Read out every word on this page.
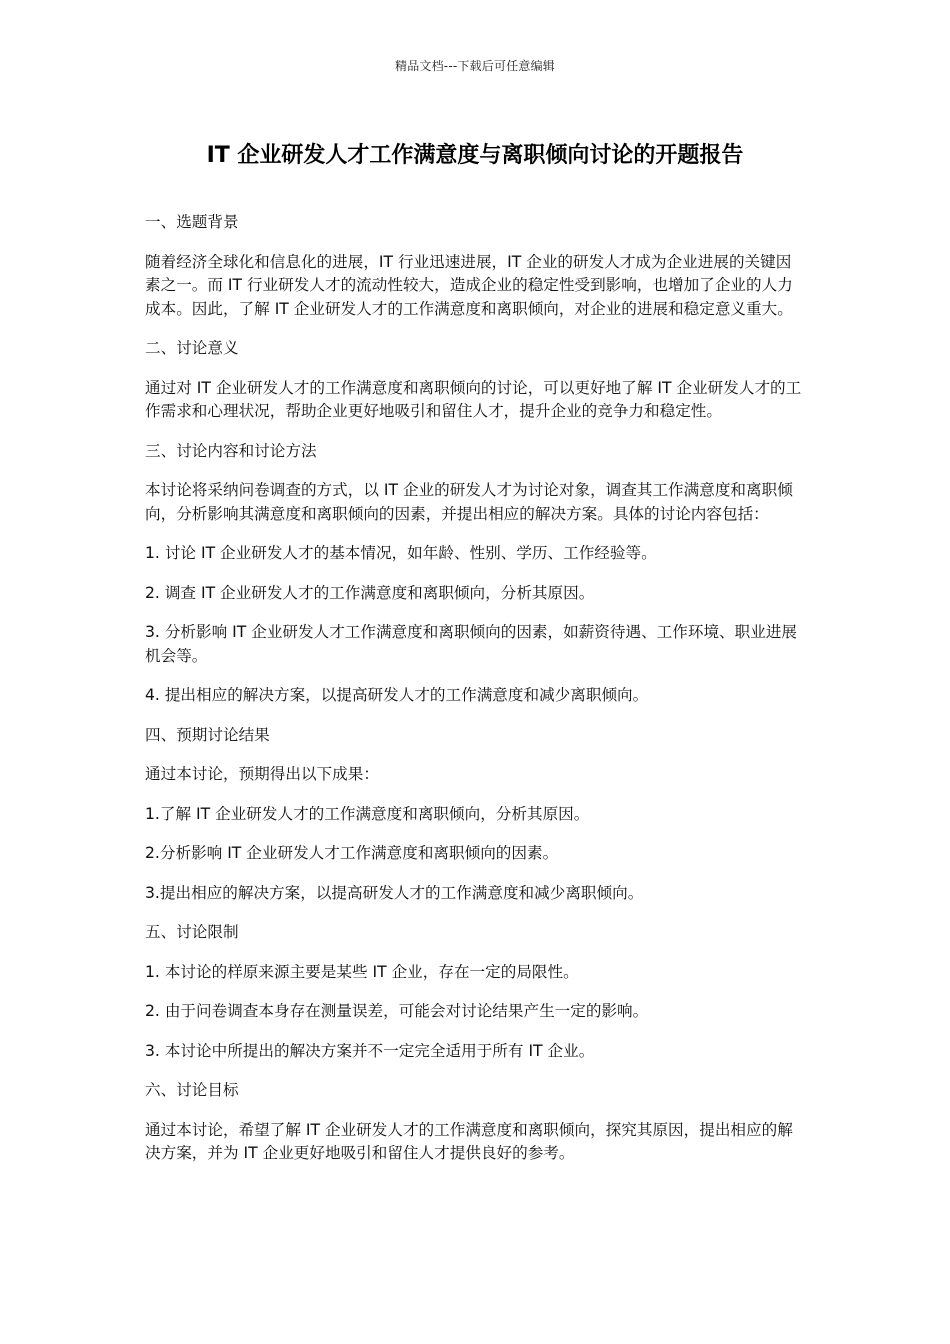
精品文档---下载后可任意编辑
IT 企业研发人才工作满意度与离职倾向讨论的开题报告
一、选题背景
随着经济全球化和信息化的进展，IT 行业迅速进展，IT 企业的研发人才成为企业进展的关键因素之一。而 IT 行业研发人才的流动性较大，造成企业的稳定性受到影响，也增加了企业的人力成本。因此，了解 IT 企业研发人才的工作满意度和离职倾向，对企业的进展和稳定意义重大。
二、讨论意义
通过对 IT 企业研发人才的工作满意度和离职倾向的讨论，可以更好地了解 IT 企业研发人才的工作需求和心理状况，帮助企业更好地吸引和留住人才，提升企业的竞争力和稳定性。
三、讨论内容和讨论方法
本讨论将采纳问卷调查的方式，以 IT 企业的研发人才为讨论对象，调查其工作满意度和离职倾向，分析影响其满意度和离职倾向的因素，并提出相应的解决方案。具体的讨论内容包括：
1. 讨论 IT 企业研发人才的基本情况，如年龄、性别、学历、工作经验等。
2. 调查 IT 企业研发人才的工作满意度和离职倾向，分析其原因。
3. 分析影响 IT 企业研发人才工作满意度和离职倾向的因素，如薪资待遇、工作环境、职业进展机会等。
4. 提出相应的解决方案，以提高研发人才的工作满意度和减少离职倾向。
四、预期讨论结果
通过本讨论，预期得出以下成果：
1.了解 IT 企业研发人才的工作满意度和离职倾向，分析其原因。
2.分析影响 IT 企业研发人才工作满意度和离职倾向的因素。
3.提出相应的解决方案，以提高研发人才的工作满意度和减少离职倾向。
五、讨论限制
1. 本讨论的样原来源主要是某些 IT 企业，存在一定的局限性。
2. 由于问卷调查本身存在测量误差，可能会对讨论结果产生一定的影响。
3. 本讨论中所提出的解决方案并不一定完全适用于所有 IT 企业。
六、讨论目标
通过本讨论，希望了解 IT 企业研发人才的工作满意度和离职倾向，探究其原因，提出相应的解决方案，并为 IT 企业更好地吸引和留住人才提供良好的参考。
